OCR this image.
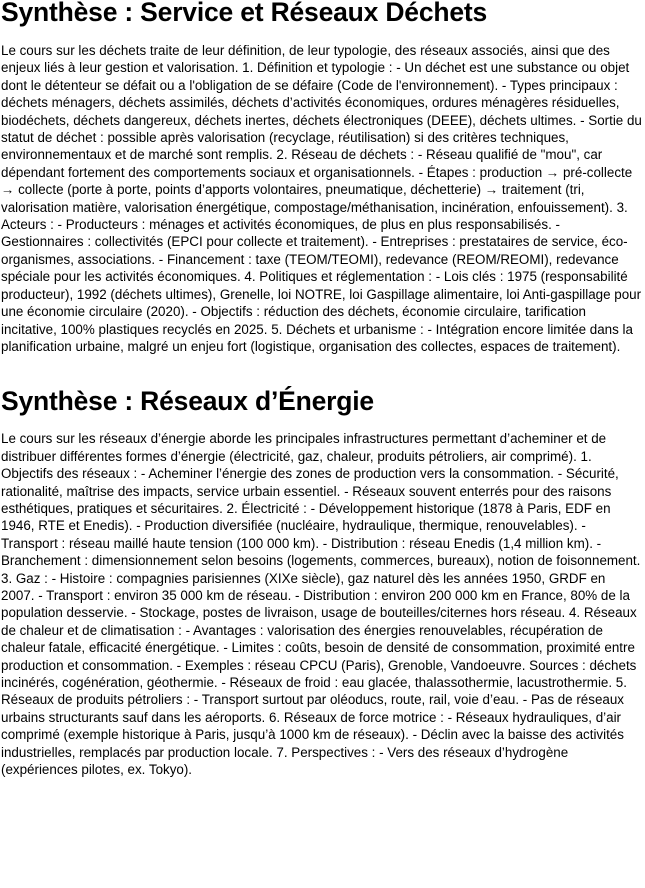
Synthèse : Service et Réseaux Déchets

Le cours sur les déchets traite de leur définition, de leur typologie, des réseaux associés, ainsi que des enjeux liés à leur gestion et valorisation. 1. Définition et typologie : - Un déchet est une substance ou objet dont le détenteur se défait ou a l'obligation de se défaire (Code de l'environnement). - Types principaux : déchets ménagers, déchets assimilés, déchets d’activités économiques, ordures ménagères résiduelles, biodéchets, déchets dangereux, déchets inertes, déchets électroniques (DEEE), déchets ultimes. - Sortie du statut de déchet : possible après valorisation (recyclage, réutilisation) si des critères techniques, environnementaux et de marché sont remplis. 2. Réseau de déchets : - Réseau qualifié de "mou", car dépendant fortement des comportements sociaux et organisationnels. - Étapes : production → pré-collecte → collecte (porte à porte, points d’apports volontaires, pneumatique, déchetterie) → traitement (tri, valorisation matière, valorisation énergétique, compostage/méthanisation, incinération, enfouissement). 3. Acteurs : - Producteurs : ménages et activités économiques, de plus en plus responsabilisés. - Gestionnaires : collectivités (EPCI pour collecte et traitement). - Entreprises : prestataires de service, éco-organismes, associations. - Financement : taxe (TEOM/TEOMI), redevance (REOM/REOMI), redevance spéciale pour les activités économiques. 4. Politiques et réglementation : - Lois clés : 1975 (responsabilité producteur), 1992 (déchets ultimes), Grenelle, loi NOTRE, loi Gaspillage alimentaire, loi Anti-gaspillage pour une économie circulaire (2020). - Objectifs : réduction des déchets, économie circulaire, tarification incitative, 100% plastiques recyclés en 2025. 5. Déchets et urbanisme : - Intégration encore limitée dans la planification urbaine, malgré un enjeu fort (logistique, organisation des collectes, espaces de traitement).

Synthèse : Réseaux d’Énergie

Le cours sur les réseaux d’énergie aborde les principales infrastructures permettant d’acheminer et de distribuer différentes formes d’énergie (électricité, gaz, chaleur, produits pétroliers, air comprimé). 1. Objectifs des réseaux : - Acheminer l’énergie des zones de production vers la consommation. - Sécurité, rationalité, maîtrise des impacts, service urbain essentiel. - Réseaux souvent enterrés pour des raisons esthétiques, pratiques et sécuritaires. 2. Électricité : - Développement historique (1878 à Paris, EDF en 1946, RTE et Enedis). - Production diversifiée (nucléaire, hydraulique, thermique, renouvelables). - Transport : réseau maillé haute tension (100 000 km). - Distribution : réseau Enedis (1,4 million km). - Branchement : dimensionnement selon besoins (logements, commerces, bureaux), notion de foisonnement. 3. Gaz : - Histoire : compagnies parisiennes (XIXe siècle), gaz naturel dès les années 1950, GRDF en 2007. - Transport : environ 35 000 km de réseau. - Distribution : environ 200 000 km en France, 80% de la population desservie. - Stockage, postes de livraison, usage de bouteilles/citernes hors réseau. 4. Réseaux de chaleur et de climatisation : - Avantages : valorisation des énergies renouvelables, récupération de chaleur fatale, efficacité énergétique. - Limites : coûts, besoin de densité de consommation, proximité entre production et consommation. - Exemples : réseau CPCU (Paris), Grenoble, Vandoeuvre. Sources : déchets incinérés, cogénération, géothermie. - Réseaux de froid : eau glacée, thalassothermie, lacustrothermie. 5. Réseaux de produits pétroliers : - Transport surtout par oléoducs, route, rail, voie d’eau. - Pas de réseaux urbains structurants sauf dans les aéroports. 6. Réseaux de force motrice : - Réseaux hydrauliques, d’air comprimé (exemple historique à Paris, jusqu’à 1000 km de réseaux). - Déclin avec la baisse des activités industrielles, remplacés par production locale. 7. Perspectives : - Vers des réseaux d’hydrogène (expériences pilotes, ex. Tokyo).
